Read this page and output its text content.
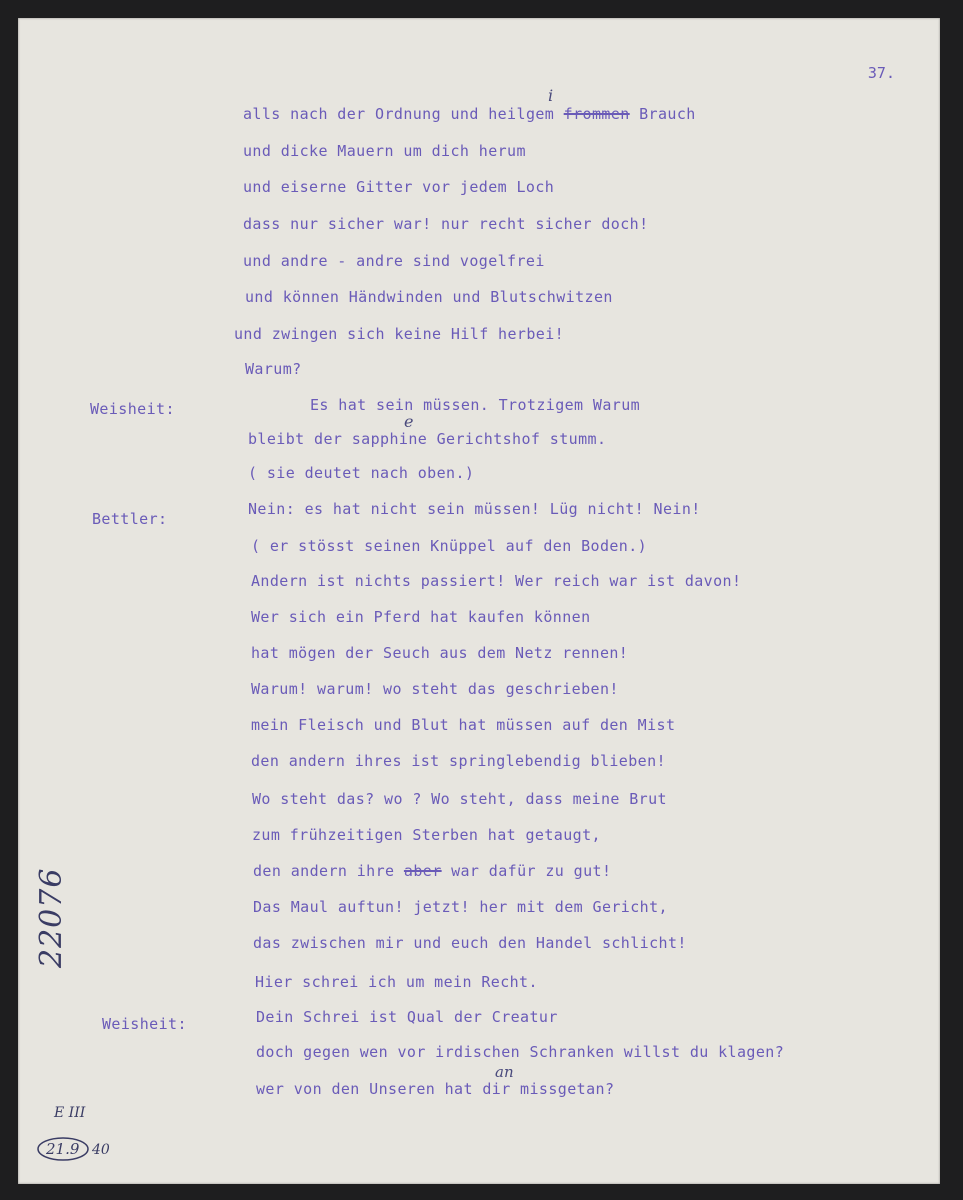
37.
Weisheit:
Bettler:
Weisheit:
alls nach der Ordnung und heilgem frommen Brauch
und dicke Mauern um dich herum
und eiserne Gitter vor jedem Loch
dass nur sicher war! nur recht sicher doch!
und andre - andre sind vogelfrei
und können Händwinden und Blutschwitzen
und zwingen sich keine Hilf herbei!
Warum?
Es hat sein müssen. Trotzigem Warum
bleibt der sapphine Gerichtshof stumm.
( sie deutet nach oben.)
Nein: es hat nicht sein müssen! Lüg nicht! Nein!
( er stösst seinen Knüppel auf den Boden.)
Andern ist nichts passiert! Wer reich war ist davon!
Wer sich ein Pferd hat kaufen können
hat mögen der Seuch aus dem Netz rennen!
Warum! warum! wo steht das geschrieben!
mein Fleisch und Blut hat müssen auf den Mist
den andern ihres ist springlebendig blieben!
Wo steht das? wo ? Wo steht, dass meine Brut
zum frühzeitigen Sterben hat getaugt,
den andern ihre aber war dafür zu gut!
Das Maul auftun! jetzt! her mit dem Gericht,
das zwischen mir und euch den Handel schlicht!
Hier schrei ich um mein Recht.
Dein Schrei ist Qual der Creatur
doch gegen wen vor irdischen Schranken willst du klagen?
wer von den Unseren hat dir missgetan?
i
e
an
22076
E III
21.9 40
